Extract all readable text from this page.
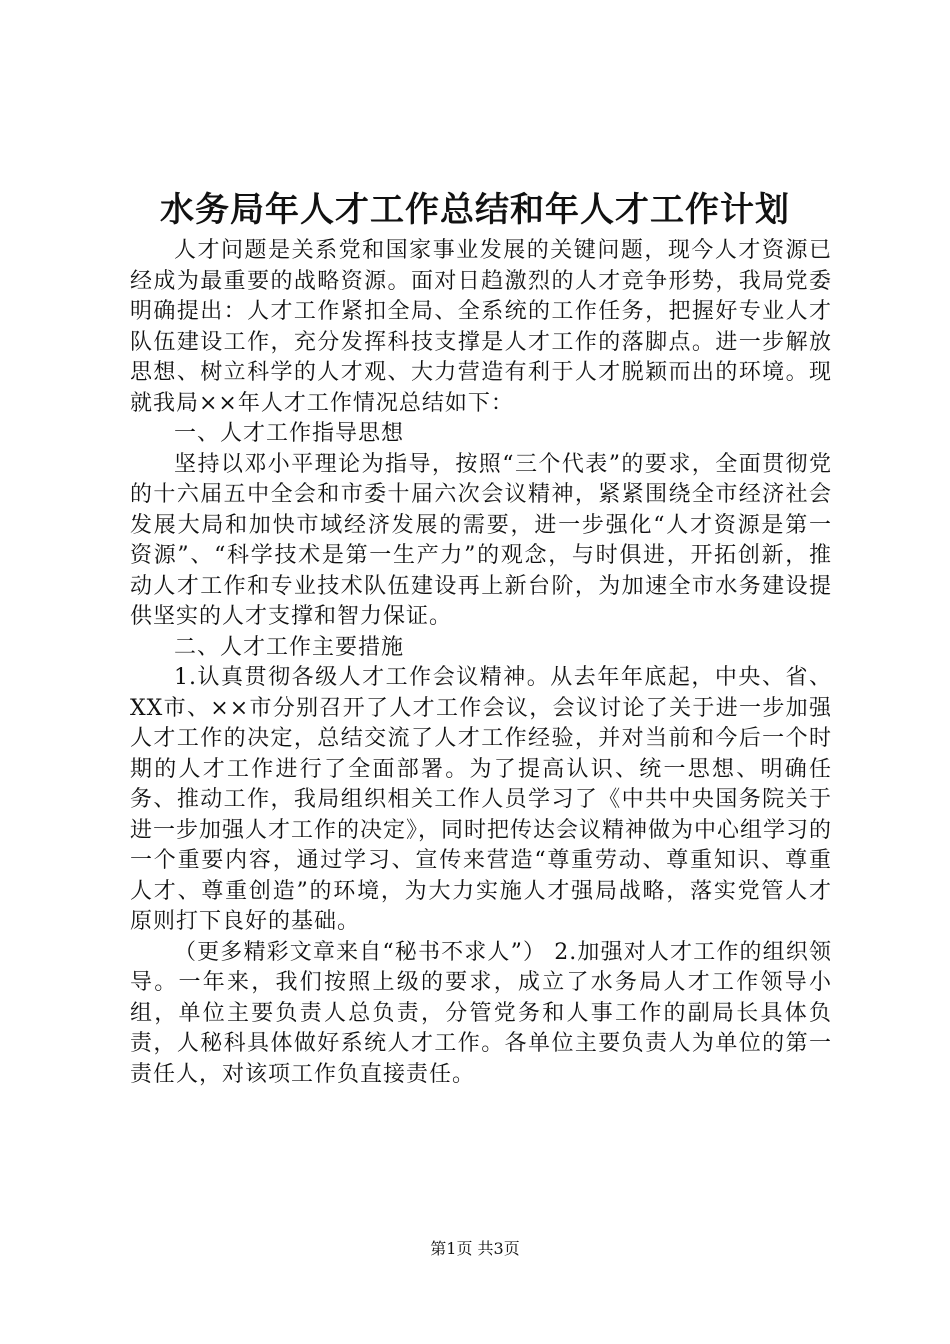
水务局年人才工作总结和年人才工作计划

人才问题是关系党和国家事业发展的关键问题，现今人才资源已经成为最重要的战略资源。面对日趋激烈的人才竞争形势，我局党委明确提出：人才工作紧扣全局、全系统的工作任务，把握好专业人才队伍建设工作，充分发挥科技支撑是人才工作的落脚点。进一步解放思想、树立科学的人才观、大力营造有利于人才脱颖而出的环境。现就我局××年人才工作情况总结如下：

一、人才工作指导思想

坚持以邓小平理论为指导，按照“三个代表”的要求，全面贯彻党的十六届五中全会和市委十届六次会议精神，紧紧围绕全市经济社会发展大局和加快市域经济发展的需要，进一步强化“人才资源是第一资源”、“科学技术是第一生产力”的观念，与时俱进，开拓创新，推动人才工作和专业技术队伍建设再上新台阶，为加速全市水务建设提供坚实的人才支撑和智力保证。

二、人才工作主要措施

1.认真贯彻各级人才工作会议精神。从去年年底起，中央、省、XX市、××市分别召开了人才工作会议，会议讨论了关于进一步加强人才工作的决定，总结交流了人才工作经验，并对当前和今后一个时期的人才工作进行了全面部署。为了提高认识、统一思想、明确任务、推动工作，我局组织相关工作人员学习了《中共中央国务院关于进一步加强人才工作的决定》，同时把传达会议精神做为中心组学习的一个重要内容，通过学习、宣传来营造“尊重劳动、尊重知识、尊重人才、尊重创造”的环境，为大力实施人才强局战略，落实党管人才原则打下良好的基础。

（更多精彩文章来自“秘书不求人”） 2.加强对人才工作的组织领导。一年来，我们按照上级的要求，成立了水务局人才工作领导小组，单位主要负责人总负责，分管党务和人事工作的副局长具体负责，人秘科具体做好系统人才工作。各单位主要负责人为单位的第一责任人，对该项工作负直接责任。

第1页 共3页
